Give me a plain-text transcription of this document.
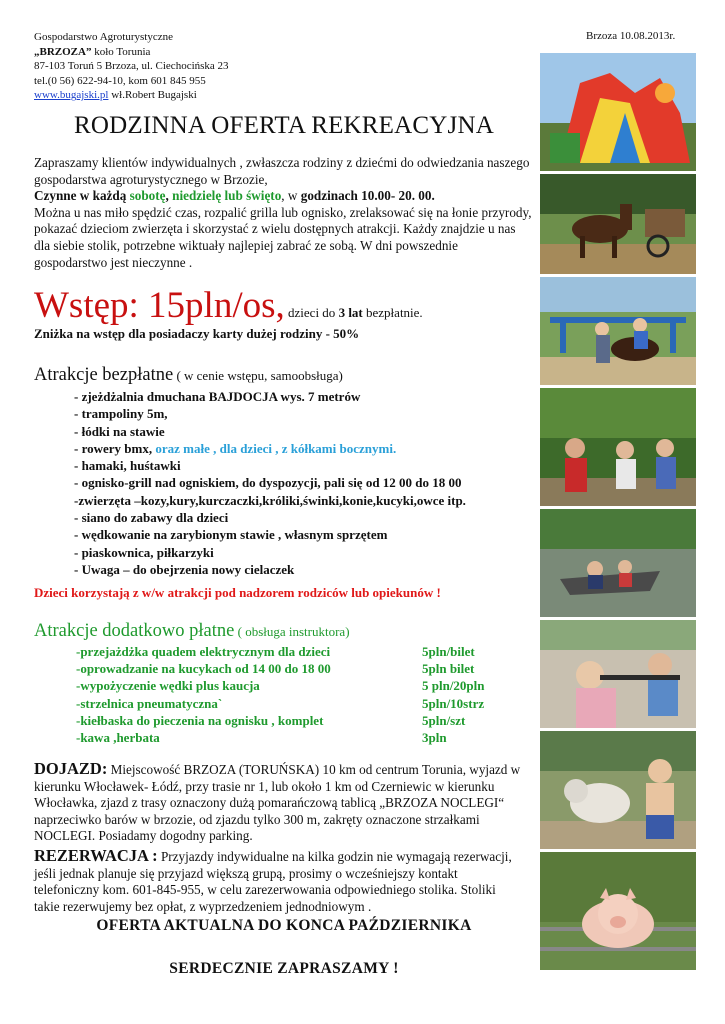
Gospodarstwo Agroturystyczne
„BRZOZA” koło Torunia
87-103 Toruń 5 Brzoza, ul. Ciechocińska 23
tel.(0 56) 622-94-10, kom 601 845 955
www.bugajski.pl wł.Robert Bugajski
Brzoza 10.08.2013r.
RODZINNA OFERTA REKREACYJNA
Zapraszamy klientów indywidualnych , zwłaszcza rodziny z dziećmi do odwiedzania naszego gospodarstwa agroturystycznego w Brzozie,
Czynne w każdą sobotę, niedzielę lub święto, w godzinach 10.00- 20. 00.
Można u nas miło spędzić czas, rozpalić grilla lub ognisko, zrelaksować się na łonie przyrody, pokazać dzieciom zwierzęta i skorzystać z wielu dostępnych atrakcji. Każdy znajdzie u nas dla siebie stolik, potrzebne wiktuały najlepiej zabrać ze sobą. W dni powszednie gospodarstwo jest nieczynne .
Wstęp: 15pln/os, dzieci do 3 lat bezpłatnie.
Zniżka na wstęp dla posiadaczy karty dużej rodziny - 50%
Atrakcje bezpłatne ( w cenie wstępu, samoobsługa)
- zjeżdżalnia dmuchana BAJDOCJA wys. 7 metrów
- trampoliny 5m,
- łódki na stawie
- rowery bmx, oraz małe , dla dzieci , z kółkami bocznymi.
- hamaki, huśtawki
- ognisko-grill nad ogniskiem, do dyspozycji, pali się od 12 00 do 18 00
-zwierzęta –kozy,kury,kurczaczki,króliki,świnki,konie,kucyki,owce itp.
- siano do zabawy dla dzieci
- wędkowanie na zarybionym stawie , własnym sprzętem
- piaskownica, piłkarzyki
- Uwaga – do obejrzenia nowy cielaczek
Dzieci korzystają z w/w atrakcji pod nadzorem rodziców lub opiekunów !
Atrakcje dodatkowo płatne ( obsługa instruktora)
-przejażdżka quadem elektrycznym dla dzieci
-oprowadzanie na kucykach od 14 00 do 18 00
-wypożyczenie wędki plus kaucja
-strzelnica pneumatyczna`
-kiełbaska do pieczenia na ognisku , komplet
-kawa ,herbata
5pln/bilet
5pln bilet
5 pln/20pln
5pln/10strz
5pln/szt
3pln
DOJAZD: Miejscowość BRZOZA (TORUŃSKA) 10 km od centrum Torunia, wyjazd w kierunku Włocławek- Łódź, przy trasie nr 1, lub około 1 km od Czerniewic w kierunku Włocławka, zjazd z trasy oznaczony dużą pomarańczową tablicą „BRZOZA NOCLEGI“ naprzeciwko barów w brzozie, od zjazdu tylko 300 m, zakręty oznaczone strzałkami NOCLEGI. Posiadamy dogodny parking.
REZERWACJA : Przyjazdy indywidualne na kilka godzin nie wymagają rezerwacji, jeśli jednak planuje się przyjazd większą grupą, prosimy o wcześniejszy kontakt telefoniczny kom. 601-845-955, w celu zarezerwowania odpowiedniego stolika. Stoliki takie rezerwujemy bez opłat, z wyprzedzeniem jednodniowym .
OFERTA AKTUALNA DO KONCA PAŹDZIERNIKA
SERDECZNIE ZAPRASZAMY !
